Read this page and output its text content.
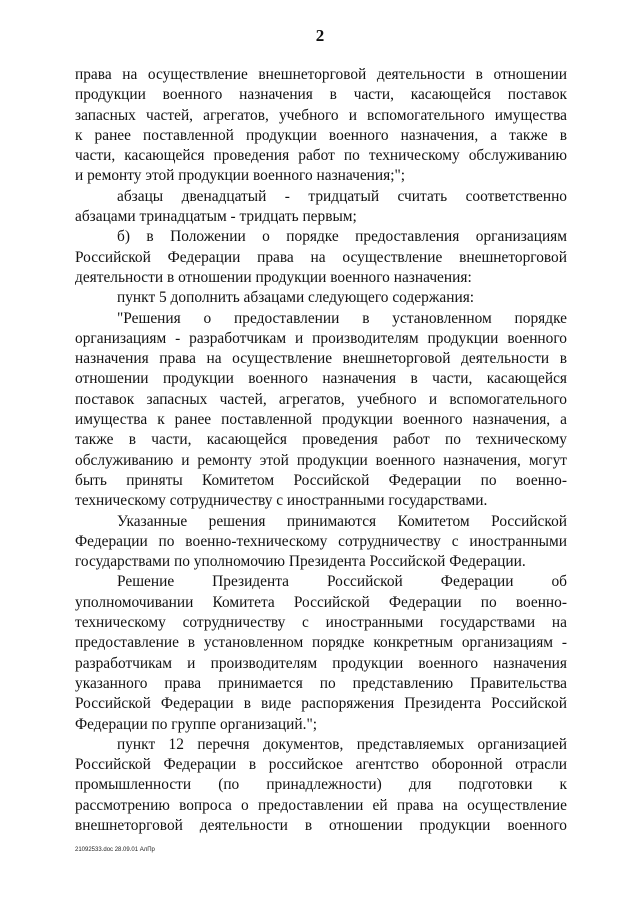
2
права на осуществление внешнеторговой деятельности в отношении
продукции военного назначения в части, касающейся поставок
запасных частей, агрегатов, учебного и вспомогательного имущества
к ранее поставленной продукции военного назначения, а также в
части, касающейся проведения работ по техническому обслуживанию
и ремонту этой продукции военного назначения;";
абзацы двенадцатый - тридцатый считать соответственно
абзацами тринадцатым - тридцать первым;
б) в Положении о порядке предоставления организациям
Российской Федерации права на осуществление внешнеторговой
деятельности в отношении продукции военного назначения:
пункт 5 дополнить абзацами следующего содержания:
"Решения о предоставлении в установленном порядке
организациям - разработчикам и производителям продукции военного
назначения права на осуществление внешнеторговой деятельности в
отношении продукции военного назначения в части, касающейся
поставок запасных частей, агрегатов, учебного и вспомогательного
имущества к ранее поставленной продукции военного назначения, а
также в части, касающейся проведения работ по техническому
обслуживанию и ремонту этой продукции военного назначения, могут
быть приняты Комитетом Российской Федерации по военно-
техническому сотрудничеству с иностранными государствами.
Указанные решения принимаются Комитетом Российской
Федерации по военно-техническому сотрудничеству с иностранными
государствами по уполномочию Президента Российской Федерации.
Решение Президента Российской Федерации об
уполномочивании Комитета Российской Федерации по военно-
техническому сотрудничеству с иностранными государствами на
предоставление в установленном порядке конкретным организациям -
разработчикам и производителям продукции военного назначения
указанного права принимается по представлению Правительства
Российской Федерации в виде распоряжения Президента Российской
Федерации по группе организаций.";
пункт 12 перечня документов, представляемых организацией
Российской Федерации в российское агентство оборонной отрасли
промышленности (по принадлежности) для подготовки к
рассмотрению вопроса о предоставлении ей права на осуществление
внешнеторговой деятельности в отношении продукции военного
21092533.doc 28.09.01 АлПр
